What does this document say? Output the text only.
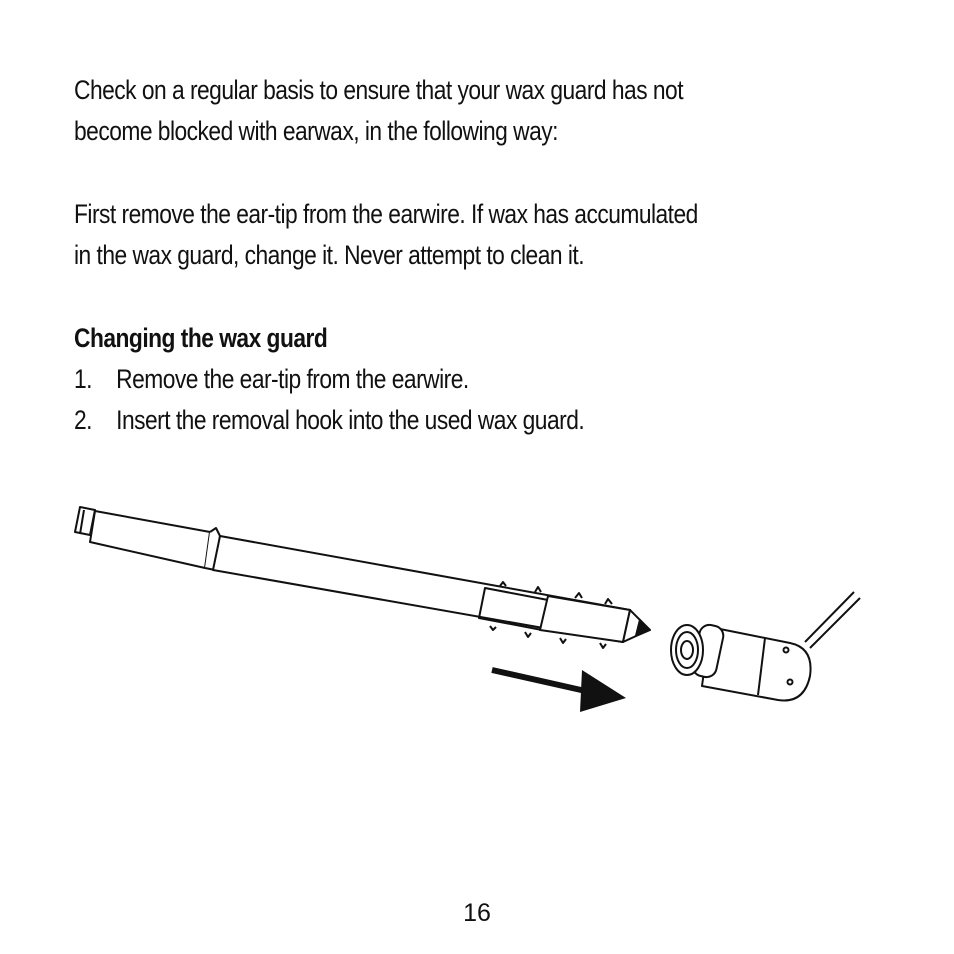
Check on a regular basis to ensure that your wax guard has not
become blocked with earwax, in the following way:
First remove the ear-tip from the earwire. If wax has accumulated
in the wax guard, change it. Never attempt to clean it.
Changing the wax guard
1. Remove the ear-tip from the earwire.
2. Insert the removal hook into the used wax guard.
16
